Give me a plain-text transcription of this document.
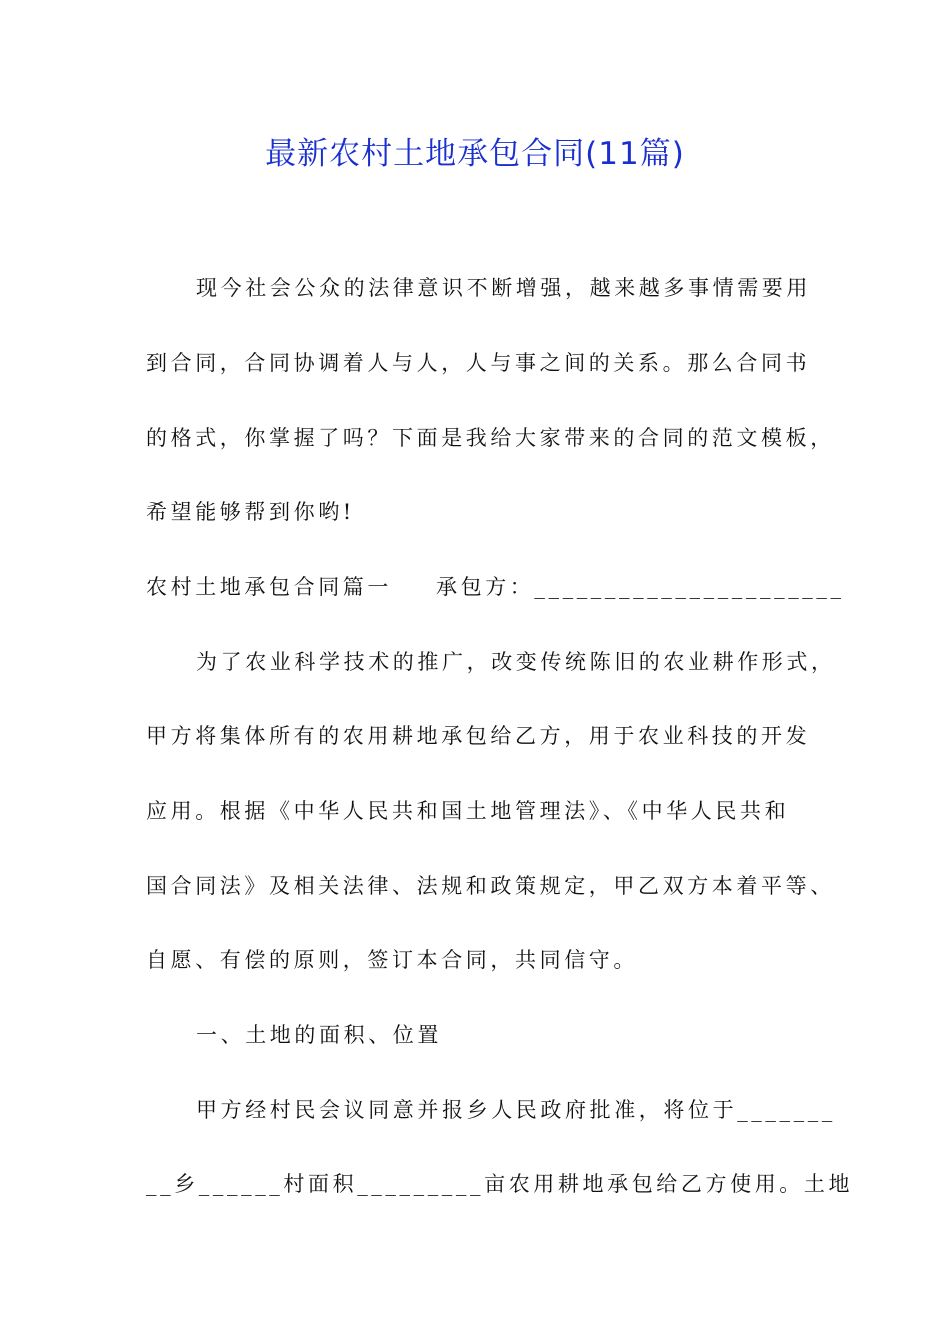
最新农村土地承包合同(11篇)
现今社会公众的法律意识不断增强，越来越多事情需要用
到合同，合同协调着人与人，人与事之间的关系。那么合同书
的格式，你掌握了吗？下面是我给大家带来的合同的范文模板，
希望能够帮到你哟!
农村土地承包合同篇一 承包方：______________________
为了农业科学技术的推广，改变传统陈旧的农业耕作形式，
甲方将集体所有的农用耕地承包给乙方，用于农业科技的开发
应用。根据《中华人民共和国土地管理法》、《中华人民共和
国合同法》及相关法律、法规和政策规定，甲乙双方本着平等、
自愿、有偿的原则，签订本合同，共同信守。
一、土地的面积、位置
甲方经村民会议同意并报乡人民政府批准，将位于_______
__乡______村面积_________亩农用耕地承包给乙方使用。土地
